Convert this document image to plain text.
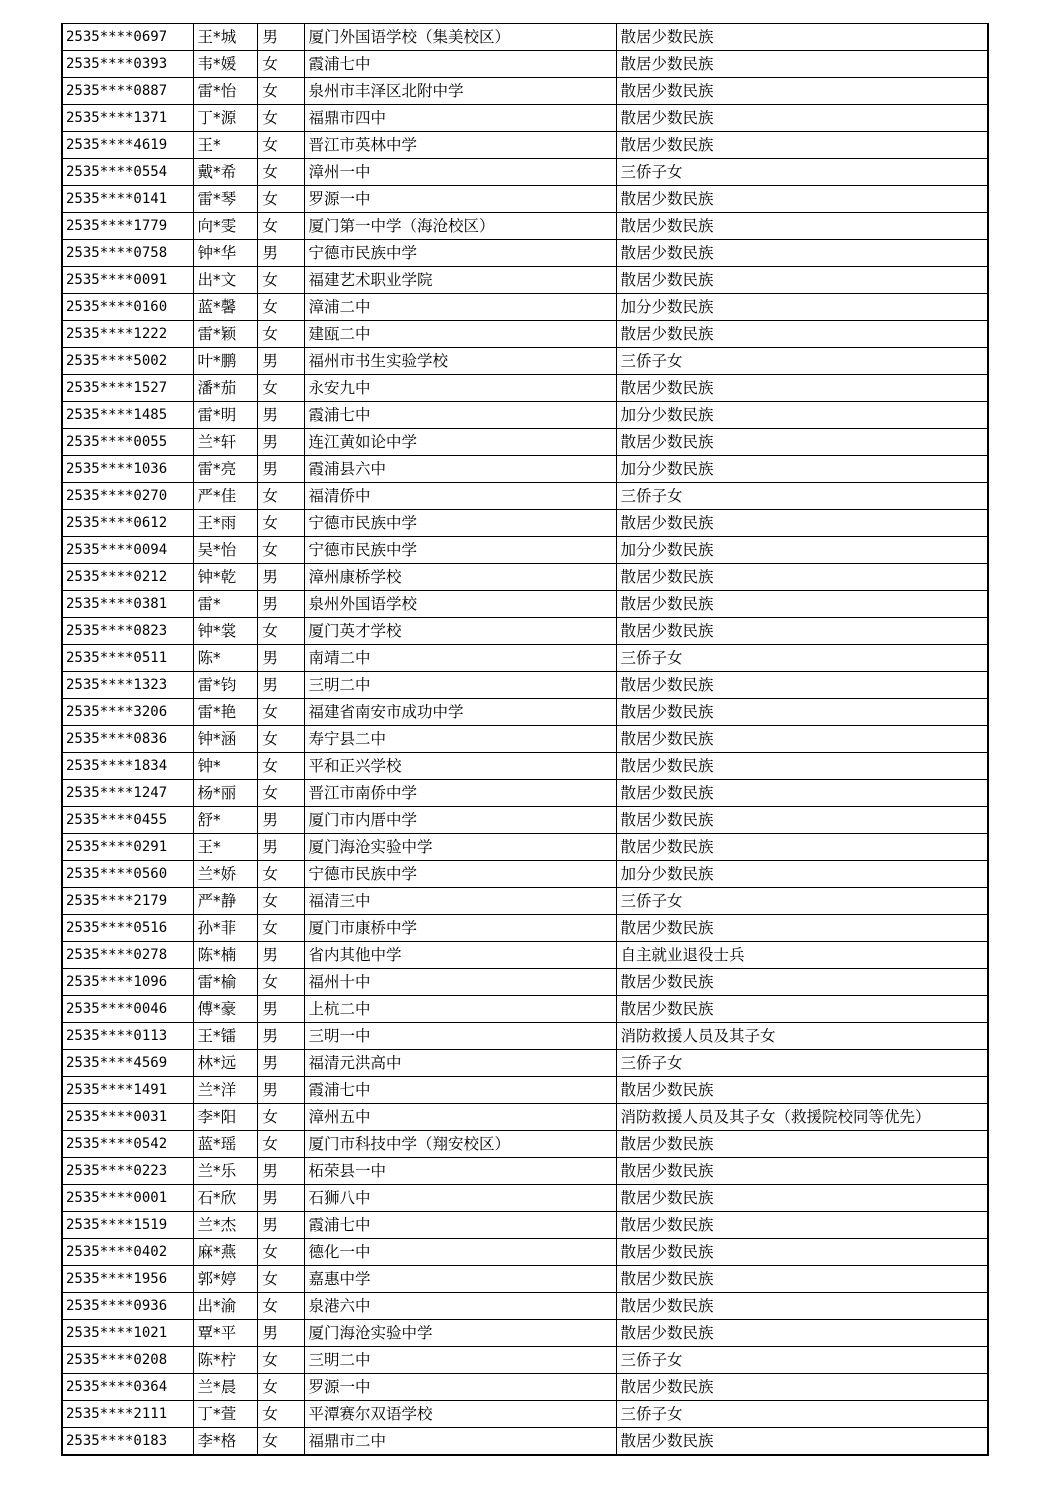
2535****0697	王*城	男	厦门外国语学校（集美校区）	散居少数民族
2535****0393	韦*媛	女	霞浦七中	散居少数民族
2535****0887	雷*怡	女	泉州市丰泽区北附中学	散居少数民族
2535****1371	丁*源	女	福鼎市四中	散居少数民族
2535****4619	王*	女	晋江市英林中学	散居少数民族
2535****0554	戴*希	女	漳州一中	三侨子女
2535****0141	雷*琴	女	罗源一中	散居少数民族
2535****1779	向*雯	女	厦门第一中学（海沧校区）	散居少数民族
2535****0758	钟*华	男	宁德市民族中学	散居少数民族
2535****0091	出*文	女	福建艺术职业学院	散居少数民族
2535****0160	蓝*馨	女	漳浦二中	加分少数民族
2535****1222	雷*颖	女	建瓯二中	散居少数民族
2535****5002	叶*鹏	男	福州市书生实验学校	三侨子女
2535****1527	潘*茄	女	永安九中	散居少数民族
2535****1485	雷*明	男	霞浦七中	加分少数民族
2535****0055	兰*轩	男	连江黄如论中学	散居少数民族
2535****1036	雷*亮	男	霞浦县六中	加分少数民族
2535****0270	严*佳	女	福清侨中	三侨子女
2535****0612	王*雨	女	宁德市民族中学	散居少数民族
2535****0094	吴*怡	女	宁德市民族中学	加分少数民族
2535****0212	钟*乾	男	漳州康桥学校	散居少数民族
2535****0381	雷*	男	泉州外国语学校	散居少数民族
2535****0823	钟*裳	女	厦门英才学校	散居少数民族
2535****0511	陈*	男	南靖二中	三侨子女
2535****1323	雷*钧	男	三明二中	散居少数民族
2535****3206	雷*艳	女	福建省南安市成功中学	散居少数民族
2535****0836	钟*涵	女	寿宁县二中	散居少数民族
2535****1834	钟*	女	平和正兴学校	散居少数民族
2535****1247	杨*丽	女	晋江市南侨中学	散居少数民族
2535****0455	舒*	男	厦门市内厝中学	散居少数民族
2535****0291	王*	男	厦门海沧实验中学	散居少数民族
2535****0560	兰*娇	女	宁德市民族中学	加分少数民族
2535****2179	严*静	女	福清三中	三侨子女
2535****0516	孙*菲	女	厦门市康桥中学	散居少数民族
2535****0278	陈*楠	男	省内其他中学	自主就业退役士兵
2535****1096	雷*榆	女	福州十中	散居少数民族
2535****0046	傅*豪	男	上杭二中	散居少数民族
2535****0113	王*镭	男	三明一中	消防救援人员及其子女
2535****4569	林*远	男	福清元洪高中	三侨子女
2535****1491	兰*洋	男	霞浦七中	散居少数民族
2535****0031	李*阳	女	漳州五中	消防救援人员及其子女（救援院校同等优先）
2535****0542	蓝*瑶	女	厦门市科技中学（翔安校区）	散居少数民族
2535****0223	兰*乐	男	柘荣县一中	散居少数民族
2535****0001	石*欣	男	石狮八中	散居少数民族
2535****1519	兰*杰	男	霞浦七中	散居少数民族
2535****0402	麻*燕	女	德化一中	散居少数民族
2535****1956	郭*婷	女	嘉惠中学	散居少数民族
2535****0936	出*渝	女	泉港六中	散居少数民族
2535****1021	覃*平	男	厦门海沧实验中学	散居少数民族
2535****0208	陈*柠	女	三明二中	三侨子女
2535****0364	兰*晨	女	罗源一中	散居少数民族
2535****2111	丁*萱	女	平潭赛尔双语学校	三侨子女
2535****0183	李*格	女	福鼎市二中	散居少数民族
